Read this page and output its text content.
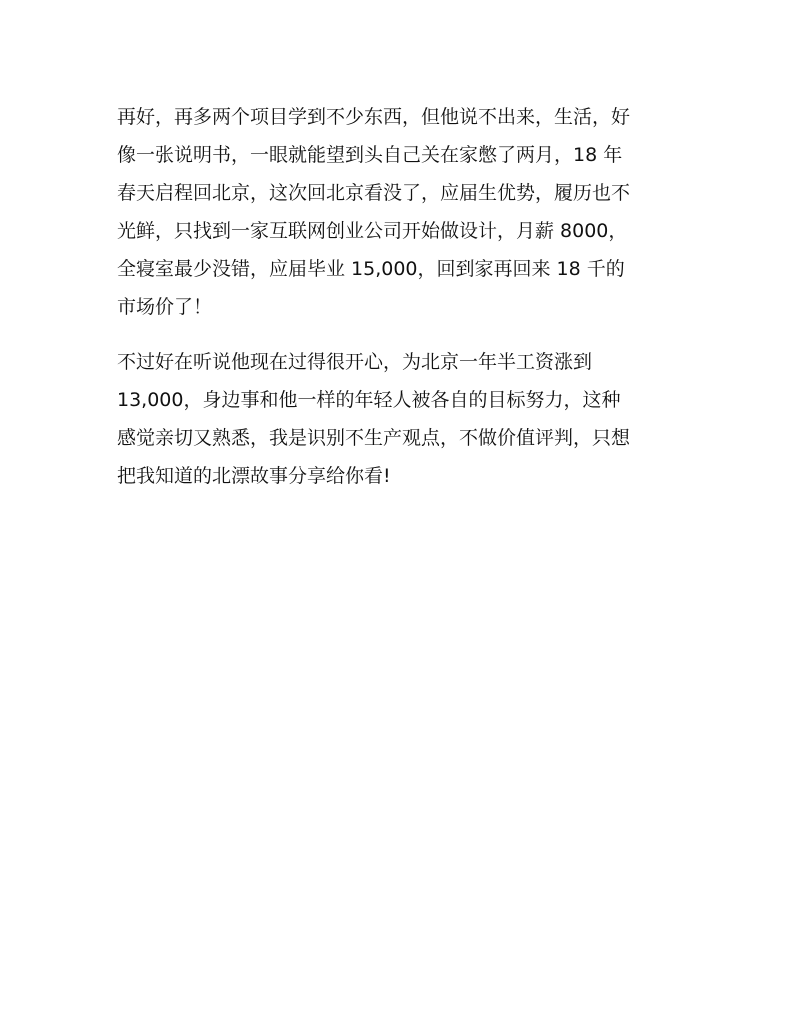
再好，再多两个项目学到不少东西，但他说不出来，生活，好
像一张说明书，一眼就能望到头自己关在家憋了两月，18 年
春天启程回北京，这次回北京看没了，应届生优势，履历也不
光鲜，只找到一家互联网创业公司开始做设计，月薪 8000，
全寝室最少没错，应届毕业 15,000，回到家再回来 18 千的
市场价了！
不过好在听说他现在过得很开心，为北京一年半工资涨到
13,000，身边事和他一样的年轻人被各自的目标努力，这种
感觉亲切又熟悉，我是识别不生产观点，不做价值评判，只想
把我知道的北漂故事分享给你看!
